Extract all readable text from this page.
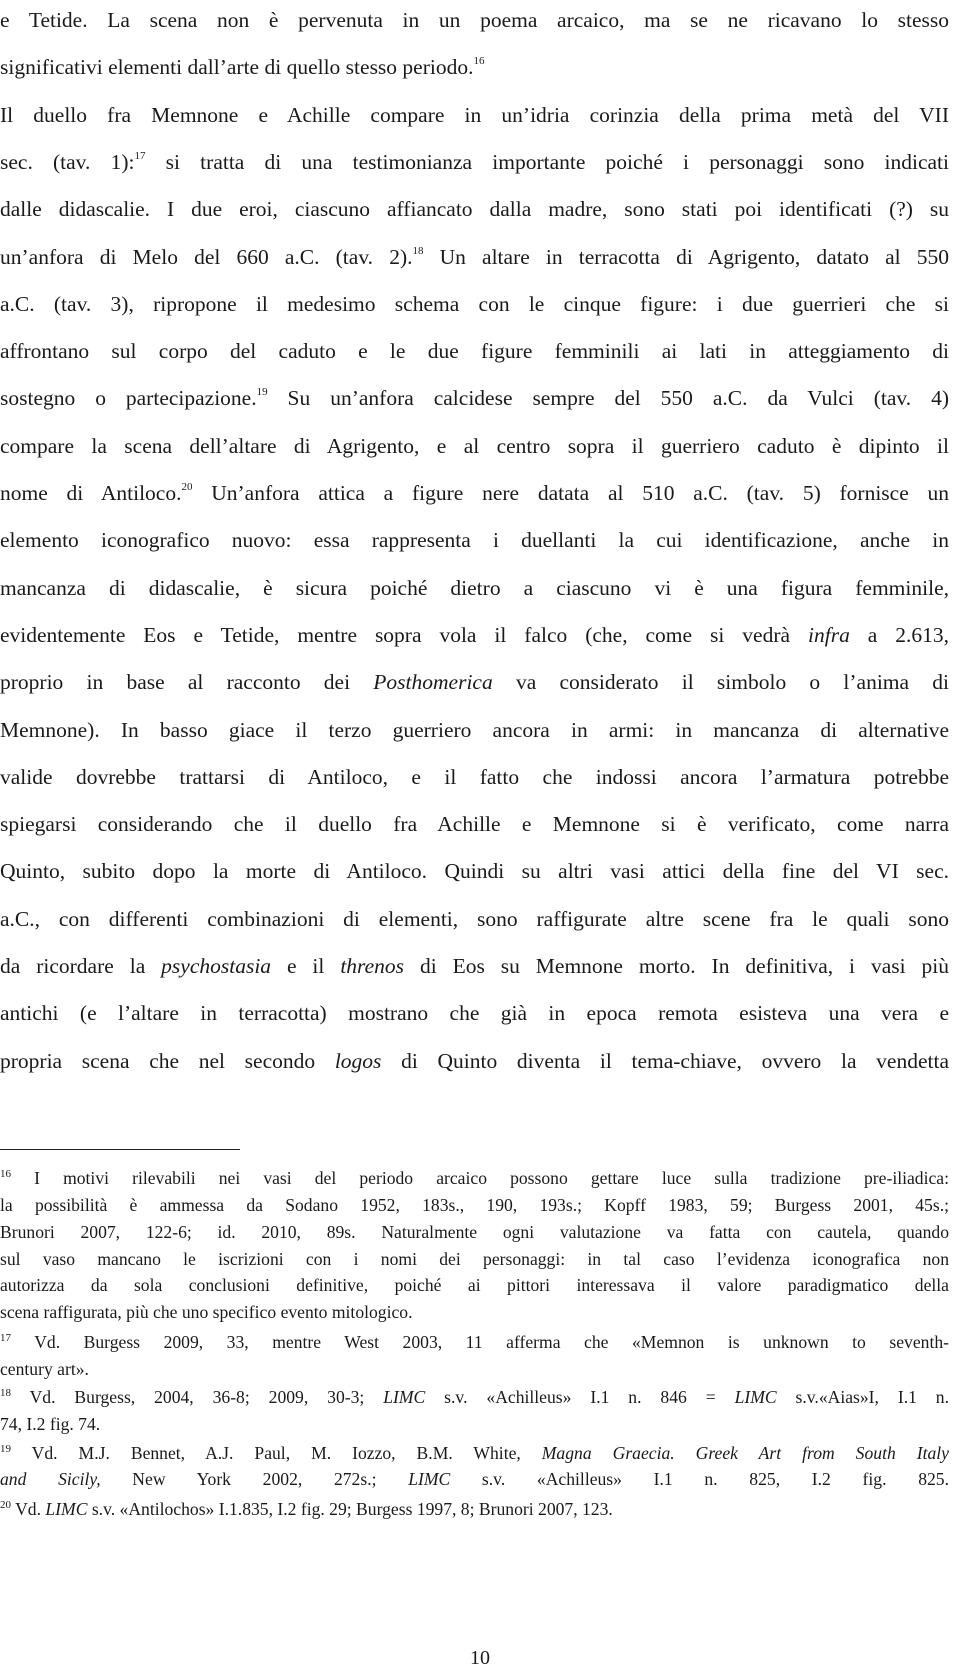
e Tetide. La scena non è pervenuta in un poema arcaico, ma se ne ricavano lo stesso
significativi elementi dall’arte di quello stesso periodo.$^{16}$
Il duello fra Memnone e Achille compare in un’idria corinzia della prima metà del VII
sec. (tav. 1):$^{17}$ si tratta di una testimonianza importante poiché i personaggi sono indicati
dalle didascalie. I due eroi, ciascuno affiancato dalla madre, sono stati poi identificati (?) su
un’anfora di Melo del 660 a.C. (tav. 2).$^{18}$ Un altare in terracotta di Agrigento, datato al 550
a.C. (tav. 3), ripropone il medesimo schema con le cinque figure: i due guerrieri che si
affrontano sul corpo del caduto e le due figure femminili ai lati in atteggiamento di
sostegno o partecipazione.$^{19}$ Su un’anfora calcidese sempre del 550 a.C. da Vulci (tav. 4)
compare la scena dell’altare di Agrigento, e al centro sopra il guerriero caduto è dipinto il
nome di Antiloco.$^{20}$ Un’anfora attica a figure nere datata al 510 a.C. (tav. 5) fornisce un
elemento iconografico nuovo: essa rappresenta i duellanti la cui identificazione, anche in
mancanza di didascalie, è sicura poiché dietro a ciascuno vi è una figura femminile,
evidentemente Eos e Tetide, mentre sopra vola il falco (che, come si vedrà infra a 2.613,
proprio in base al racconto dei Posthomerica va considerato il simbolo o l’anima di
Memnone). In basso giace il terzo guerriero ancora in armi: in mancanza di alternative
valide dovrebbe trattarsi di Antiloco, e il fatto che indossi ancora l’armatura potrebbe
spiegarsi considerando che il duello fra Achille e Memnone si è verificato, come narra
Quinto, subito dopo la morte di Antiloco. Quindi su altri vasi attici della fine del VI sec.
a.C., con differenti combinazioni di elementi, sono raffigurate altre scene fra le quali sono
da ricordare la psychostasia e il threnos di Eos su Memnone morto. In definitiva, i vasi più
antichi (e l’altare in terracotta) mostrano che già in epoca remota esisteva una vera e
propria scena che nel secondo logos di Quinto diventa il tema-chiave, ovvero la vendetta
$^{16}$ I motivi rilevabili nei vasi del periodo arcaico possono gettare luce sulla tradizione pre-iliadica:
la possibilità è ammessa da Sodano 1952, 183s., 190, 193s.; Kopff 1983, 59; Burgess 2001, 45s.;
Brunori 2007, 122-6; id. 2010, 89s. Naturalmente ogni valutazione va fatta con cautela, quando
sul vaso mancano le iscrizioni con i nomi dei personaggi: in tal caso l’evidenza iconografica non
autorizza da sola conclusioni definitive, poiché ai pittori interessava il valore paradigmatico della
scena raffigurata, più che uno specifico evento mitologico.
$^{17}$ Vd. Burgess 2009, 33, mentre West 2003, 11 afferma che «Memnon is unknown to seventh-
century art».
$^{18}$ Vd. Burgess, 2004, 36-8; 2009, 30-3; LIMC s.v. «Achilleus» I.1 n. 846 = LIMC s.v.«Aias»I, I.1 n.
74, I.2 fig. 74.
$^{19}$ Vd. M.J. Bennet, A.J. Paul, M. Iozzo, B.M. White, Magna Graecia. Greek Art from South Italy
and Sicily, New York 2002, 272s.; LIMC s.v. «Achilleus» I.1 n. 825, I.2 fig. 825.
$^{20}$ Vd. LIMC s.v. «Antilochos» I.1.835, I.2 fig. 29; Burgess 1997, 8; Brunori 2007, 123.
10
